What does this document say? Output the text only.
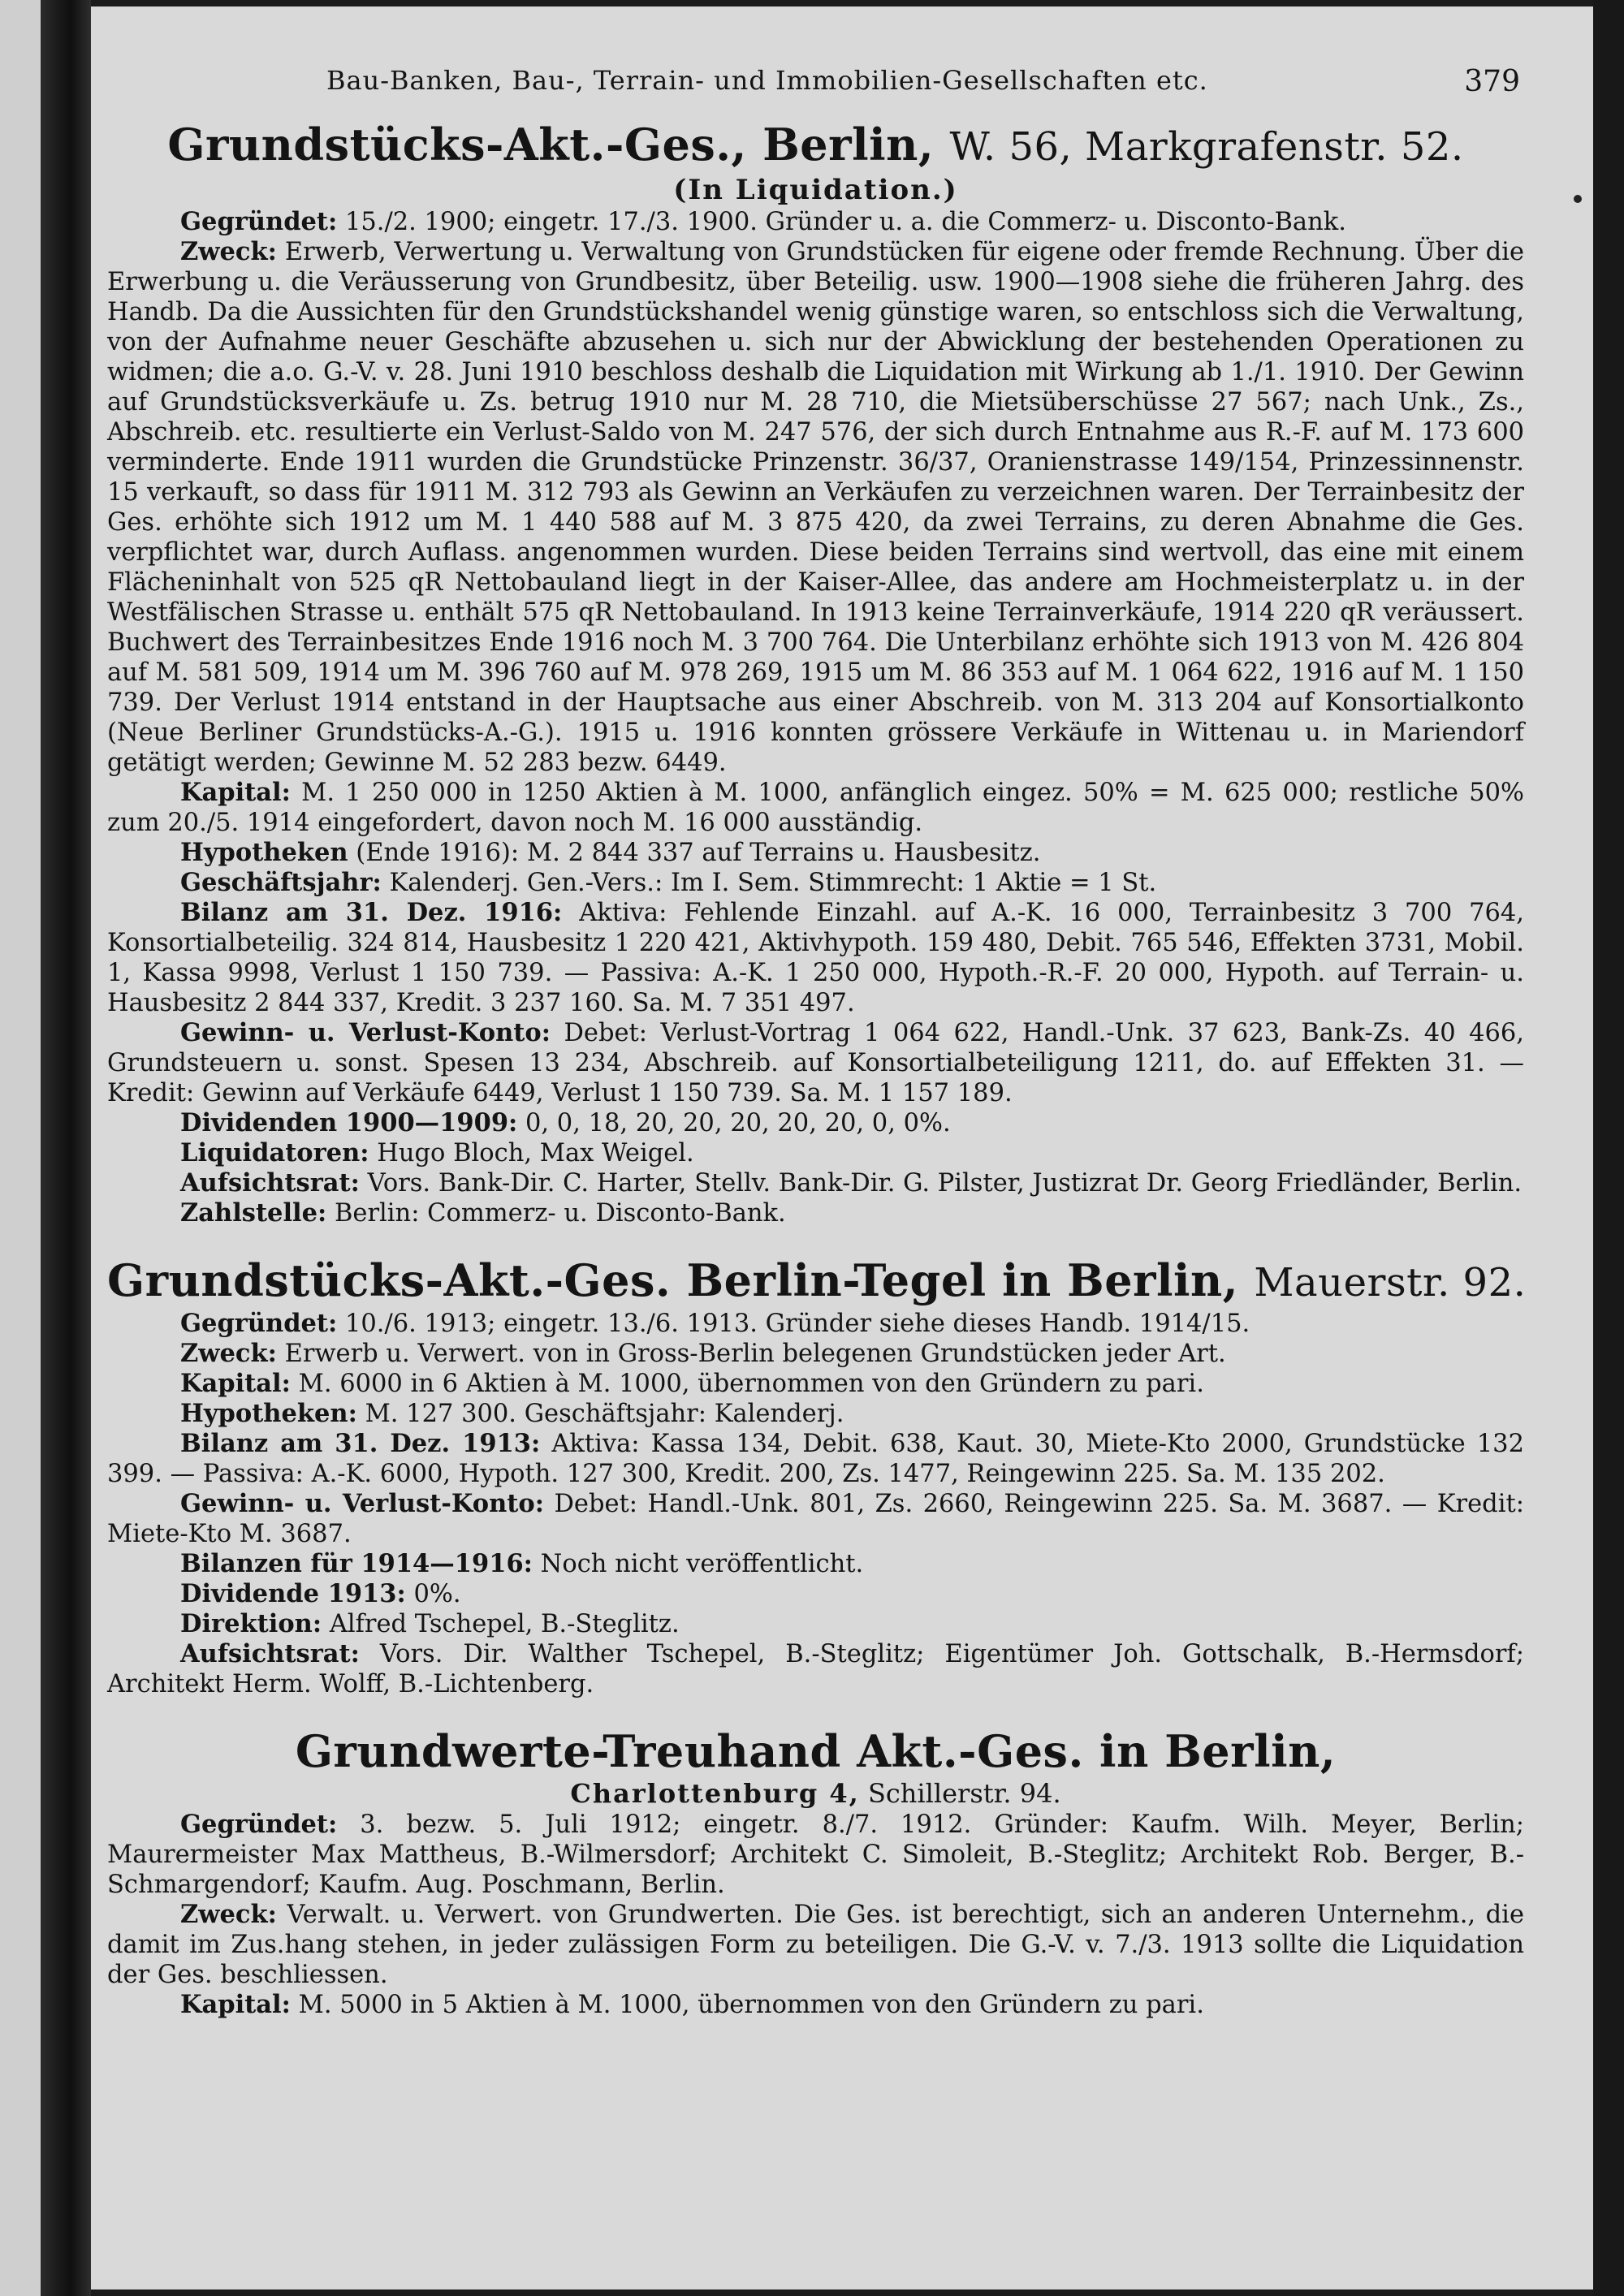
Bau-Banken, Bau-, Terrain- und Immobilien-Gesellschaften etc.	379
Grundstücks-Akt.-Ges., Berlin, W. 56, Markgrafenstr. 52.
(In Liquidation.)

Gegründet: 15./2. 1900; eingetr. 17./3. 1900. Gründer u. a. die Commerz- u. Disconto-Bank.

Zweck: Erwerb, Verwertung u. Verwaltung von Grundstücken für eigene oder fremde Rechnung. Über die Erwerbung u. die Veräusserung von Grundbesitz, über Beteilig. usw. 1900—1908 siehe die früheren Jahrg. des Handb. Da die Aussichten für den Grundstückshandel wenig günstige waren, so entschloss sich die Verwaltung, von der Aufnahme neuer Geschäfte abzusehen u. sich nur der Abwicklung der bestehenden Operationen zu widmen; die a.o. G.-V. v. 28. Juni 1910 beschloss deshalb die Liquidation mit Wirkung ab 1./1. 1910. Der Gewinn auf Grundstücksverkäufe u. Zs. betrug 1910 nur M. 28 710, die Mietsüberschüsse 27 567; nach Unk., Zs., Abschreib. etc. resultierte ein Verlust-Saldo von M. 247 576, der sich durch Entnahme aus R.-F. auf M. 173 600 verminderte. Ende 1911 wurden die Grundstücke Prinzenstr. 36/37, Oranienstrasse 149/154, Prinzessinnenstr. 15 verkauft, so dass für 1911 M. 312 793 als Gewinn an Verkäufen zu verzeichnen waren. Der Terrainbesitz der Ges. erhöhte sich 1912 um M. 1 440 588 auf M. 3 875 420, da zwei Terrains, zu deren Abnahme die Ges. verpflichtet war, durch Auflass. angenommen wurden. Diese beiden Terrains sind wertvoll, das eine mit einem Flächeninhalt von 525 qR Nettobauland liegt in der Kaiser-Allee, das andere am Hochmeisterplatz u. in der Westfälischen Strasse u. enthält 575 qR Nettobauland. In 1913 keine Terrainverkäufe, 1914 220 qR veräussert. Buchwert des Terrainbesitzes Ende 1916 noch M. 3 700 764. Die Unterbilanz erhöhte sich 1913 von M. 426 804 auf M. 581 509, 1914 um M. 396 760 auf M. 978 269, 1915 um M. 86 353 auf M. 1 064 622, 1916 auf M. 1 150 739. Der Verlust 1914 entstand in der Hauptsache aus einer Abschreib. von M. 313 204 auf Konsortialkonto (Neue Berliner Grundstücks-A.-G.). 1915 u. 1916 konnten grössere Verkäufe in Wittenau u. in Mariendorf getätigt werden; Gewinne M. 52 283 bezw. 6449.

Kapital: M. 1 250 000 in 1250 Aktien à M. 1000, anfänglich eingez. 50% = M. 625 000; restliche 50% zum 20./5. 1914 eingefordert, davon noch M. 16 000 ausständig.

Hypotheken (Ende 1916): M. 2 844 337 auf Terrains u. Hausbesitz.

Geschäftsjahr: Kalenderj. Gen.-Vers.: Im I. Sem. Stimmrecht: 1 Aktie = 1 St.

Bilanz am 31. Dez. 1916: Aktiva: Fehlende Einzahl. auf A.-K. 16 000, Terrainbesitz 3 700 764, Konsortialbeteilig. 324 814, Hausbesitz 1 220 421, Aktivhypoth. 159 480, Debit. 765 546, Effekten 3731, Mobil. 1, Kassa 9998, Verlust 1 150 739. — Passiva: A.-K. 1 250 000, Hypoth.-R.-F. 20 000, Hypoth. auf Terrain- u. Hausbesitz 2 844 337, Kredit. 3 237 160. Sa. M. 7 351 497.

Gewinn- u. Verlust-Konto: Debet: Verlust-Vortrag 1 064 622, Handl.-Unk. 37 623, Bank-Zs. 40 466, Grundsteuern u. sonst. Spesen 13 234, Abschreib. auf Konsortialbeteiligung 1211, do. auf Effekten 31. — Kredit: Gewinn auf Verkäufe 6449, Verlust 1 150 739. Sa. M. 1 157 189.

Dividenden 1900—1909: 0, 0, 18, 20, 20, 20, 20, 20, 0, 0%.

Liquidatoren: Hugo Bloch, Max Weigel.

Aufsichtsrat: Vors. Bank-Dir. C. Harter, Stellv. Bank-Dir. G. Pilster, Justizrat Dr. Georg Friedländer, Berlin.

Zahlstelle: Berlin: Commerz- u. Disconto-Bank.

Grundstücks-Akt.-Ges. Berlin-Tegel in Berlin, Mauerstr. 92.

Gegründet: 10./6. 1913; eingetr. 13./6. 1913. Gründer siehe dieses Handb. 1914/15.

Zweck: Erwerb u. Verwert. von in Gross-Berlin belegenen Grundstücken jeder Art.

Kapital: M. 6000 in 6 Aktien à M. 1000, übernommen von den Gründern zu pari.

Hypotheken: M. 127 300. Geschäftsjahr: Kalenderj.

Bilanz am 31. Dez. 1913: Aktiva: Kassa 134, Debit. 638, Kaut. 30, Miete-Kto 2000, Grundstücke 132 399. — Passiva: A.-K. 6000, Hypoth. 127 300, Kredit. 200, Zs. 1477, Reingewinn 225. Sa. M. 135 202.

Gewinn- u. Verlust-Konto: Debet: Handl.-Unk. 801, Zs. 2660, Reingewinn 225. Sa. M. 3687. — Kredit: Miete-Kto M. 3687.

Bilanzen für 1914—1916: Noch nicht veröffentlicht.

Dividende 1913: 0%.

Direktion: Alfred Tschepel, B.-Steglitz.

Aufsichtsrat: Vors. Dir. Walther Tschepel, B.-Steglitz; Eigentümer Joh. Gottschalk, B.-Hermsdorf; Architekt Herm. Wolff, B.-Lichtenberg.

Grundwerte-Treuhand Akt.-Ges. in Berlin,
Charlottenburg 4, Schillerstr. 94.

Gegründet: 3. bezw. 5. Juli 1912; eingetr. 8./7. 1912. Gründer: Kaufm. Wilh. Meyer, Berlin; Maurermeister Max Mattheus, B.-Wilmersdorf; Architekt C. Simoleit, B.-Steglitz; Architekt Rob. Berger, B.-Schmargendorf; Kaufm. Aug. Poschmann, Berlin.

Zweck: Verwalt. u. Verwert. von Grundwerten. Die Ges. ist berechtigt, sich an anderen Unternehm., die damit im Zus.hang stehen, in jeder zulässigen Form zu beteiligen. Die G.-V. v. 7./3. 1913 sollte die Liquidation der Ges. beschliessen.

Kapital: M. 5000 in 5 Aktien à M. 1000, übernommen von den Gründern zu pari.
